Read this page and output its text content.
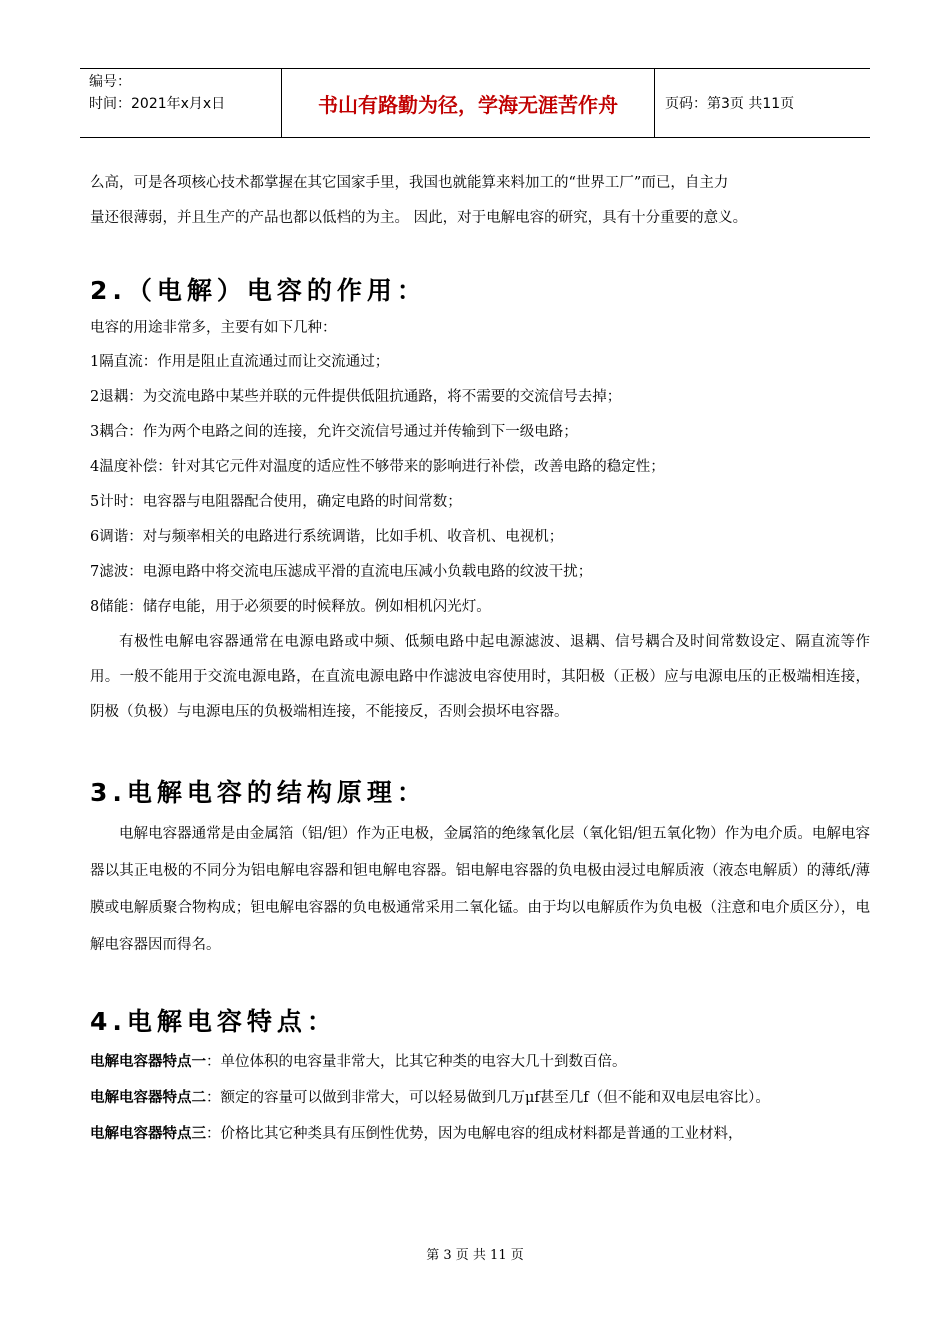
编号：
时间：2021年x月x日	书山有路勤为径，学海无涯苦作舟	页码：第3页 共11页

么高，可是各项核心技术都掌握在其它国家手里，我国也就能算来料加工的“世界工厂”而已，自主力

量还很薄弱，并且生产的产品也都以低档的为主。 因此，对于电解电容的研究，具有十分重要的意义。

2.（电解）电容的作用：

电容的用途非常多，主要有如下几种：

1隔直流：作用是阻止直流通过而让交流通过；

2退耦：为交流电路中某些并联的元件提供低阻抗通路，将不需要的交流信号去掉；

3耦合：作为两个电路之间的连接，允许交流信号通过并传输到下一级电路；

4温度补偿：针对其它元件对温度的适应性不够带来的影响进行补偿，改善电路的稳定性；

5计时：电容器与电阻器配合使用，确定电路的时间常数；

6调谐：对与频率相关的电路进行系统调谐，比如手机、收音机、电视机；

7滤波：电源电路中将交流电压滤成平滑的直流电压减小负载电路的纹波干扰；

8储能：储存电能，用于必须要的时候释放。例如相机闪光灯。

有极性电解电容器通常在电源电路或中频、低频电路中起电源滤波、退耦、信号耦合及时间常数设定、隔直流等作用。一般不能用于交流电源电路，在直流电源电路中作滤波电容使用时，其阳极（正极）应与电源电压的正极端相连接，阴极（负极）与电源电压的负极端相连接，不能接反，否则会损坏电容器。

3.电解电容的结构原理：

电解电容器通常是由金属箔（铝/钽）作为正电极，金属箔的绝缘氧化层（氧化铝/钽五氧化物）作为电介质。电解电容器以其正电极的不同分为铝电解电容器和钽电解电容器。铝电解电容器的负电极由浸过电解质液（液态电解质）的薄纸/薄膜或电解质聚合物构成；钽电解电容器的负电极通常采用二氧化锰。由于均以电解质作为负电极（注意和电介质区分），电解电容器因而得名。

4.电解电容特点：

电解电容器特点一：单位体积的电容量非常大，比其它种类的电容大几十到数百倍。

电解电容器特点二：额定的容量可以做到非常大，可以轻易做到几万μf甚至几f（但不能和双电层电容比）。

电解电容器特点三：价格比其它种类具有压倒性优势，因为电解电容的组成材料都是普通的工业材料，

第 3 页 共 11 页
